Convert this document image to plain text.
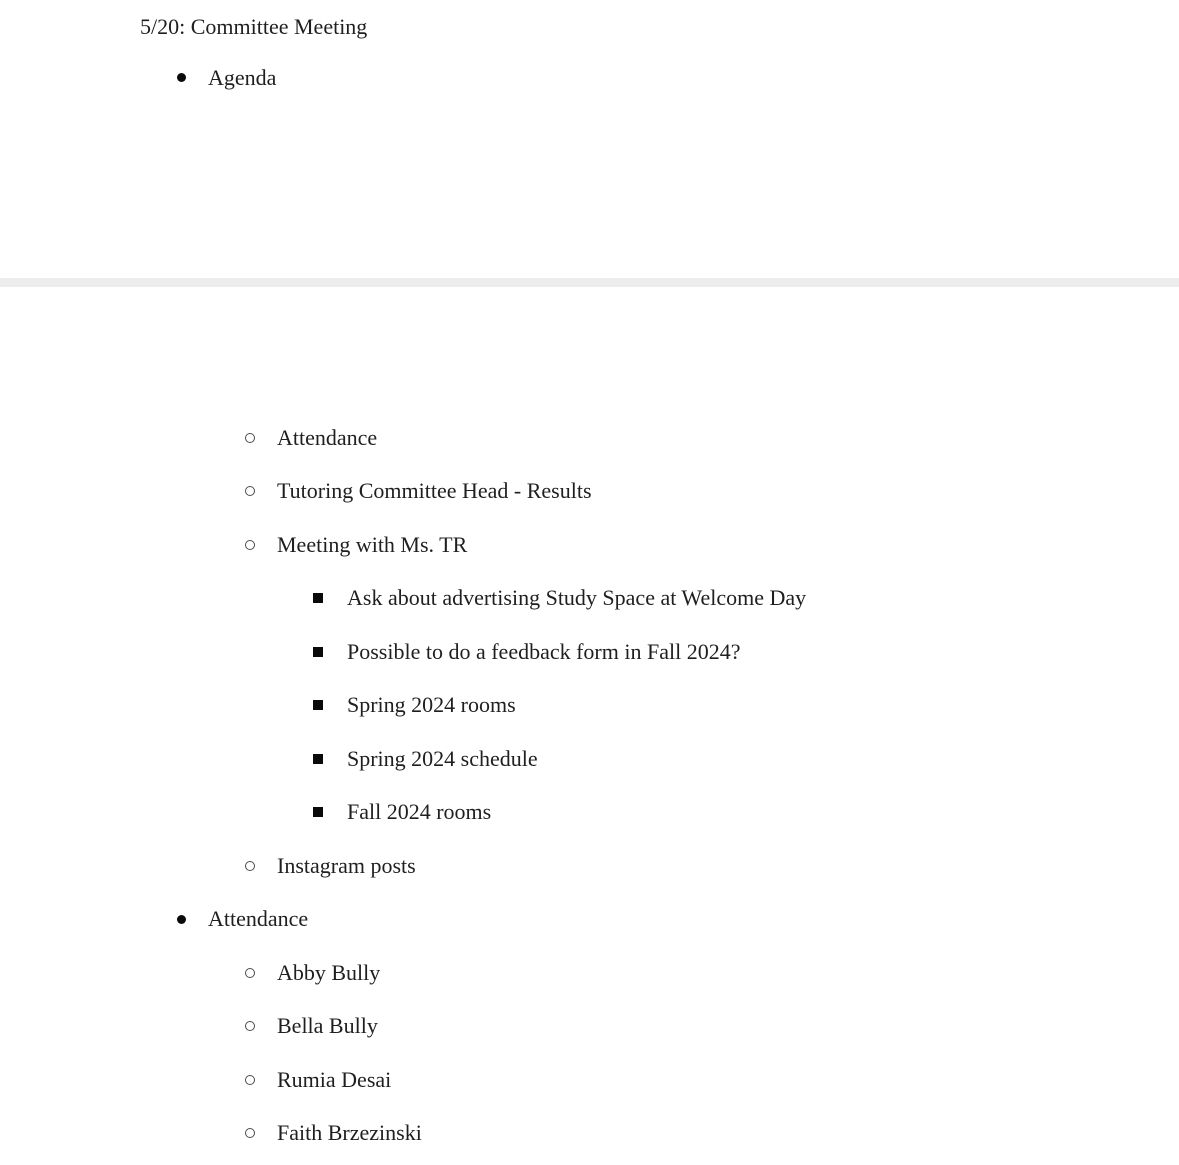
5/20: Committee Meeting
Agenda
Attendance
Tutoring Committee Head - Results
Meeting with Ms. TR
Ask about advertising Study Space at Welcome Day
Possible to do a feedback form in Fall 2024?
Spring 2024 rooms
Spring 2024 schedule
Fall 2024 rooms
Instagram posts
Attendance
Abby Bully
Bella Bully
Rumia Desai
Faith Brzezinski
